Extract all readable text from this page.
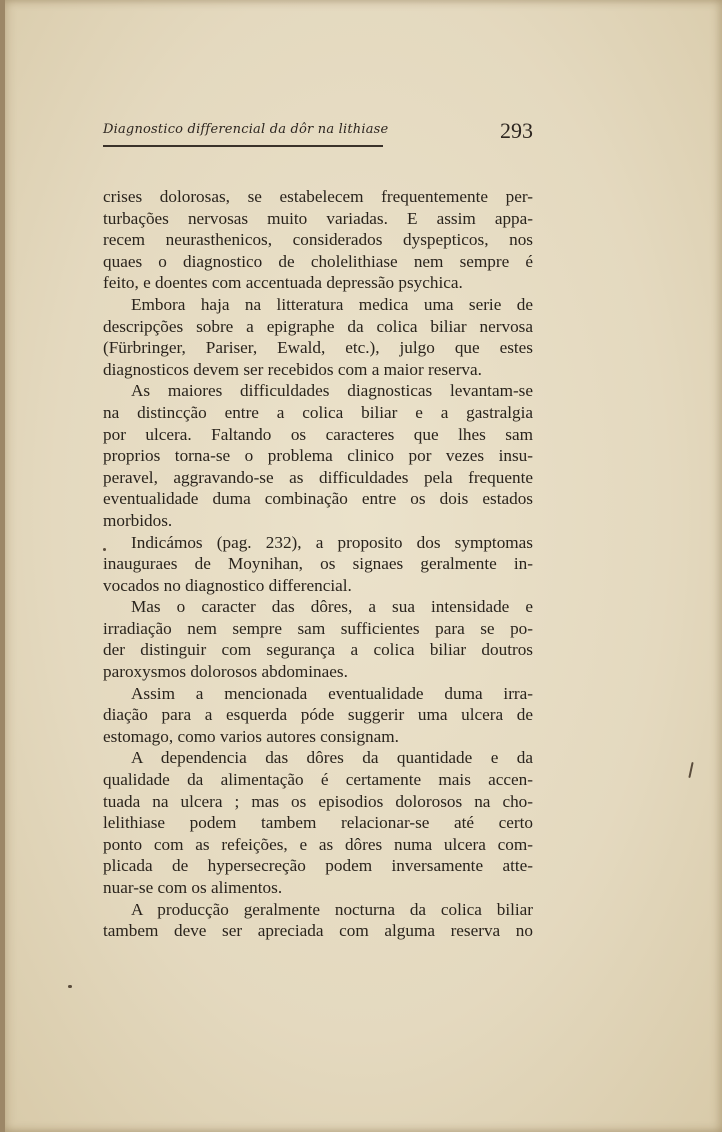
Diagnostico differencial da dôr na lithiase	293
crises dolorosas, se estabelecem frequentemente per-
turbações nervosas muito variadas. E assim appa-
recem neurasthenicos, considerados dyspepticos, nos
quaes o diagnostico de cholelithiase nem sempre é
feito, e doentes com accentuada depressão psychica.
Embora haja na litteratura medica uma serie de
descripções sobre a epigraphe da colica biliar nervosa
(Fürbringer, Pariser, Ewald, etc.), julgo que estes
diagnosticos devem ser recebidos com a maior reserva.
As maiores difficuldades diagnosticas levantam-se
na distincção entre a colica biliar e a gastralgia
por ulcera. Faltando os caracteres que lhes sam
proprios torna-se o problema clinico por vezes insu-
peravel, aggravando-se as difficuldades pela frequente
eventualidade duma combinação entre os dois estados
morbidos.
Indicámos (pag. 232), a proposito dos symptomas
inauguraes de Moynihan, os signaes geralmente in-
vocados no diagnostico differencial.
Mas o caracter das dôres, a sua intensidade e
irradiação nem sempre sam sufficientes para se po-
der distinguir com segurança a colica biliar doutros
paroxysmos dolorosos abdominaes.
Assim a mencionada eventualidade duma irra-
diação para a esquerda póde suggerir uma ulcera de
estomago, como varios autores consignam.
A dependencia das dôres da quantidade e da
qualidade da alimentação é certamente mais accen-
tuada na ulcera ; mas os episodios dolorosos na cho-
lelithiase podem tambem relacionar-se até certo
ponto com as refeições, e as dôres numa ulcera com-
plicada de hypersecreção podem inversamente atte-
nuar-se com os alimentos.
A producção geralmente nocturna da colica biliar
tambem deve ser apreciada com alguma reserva no
